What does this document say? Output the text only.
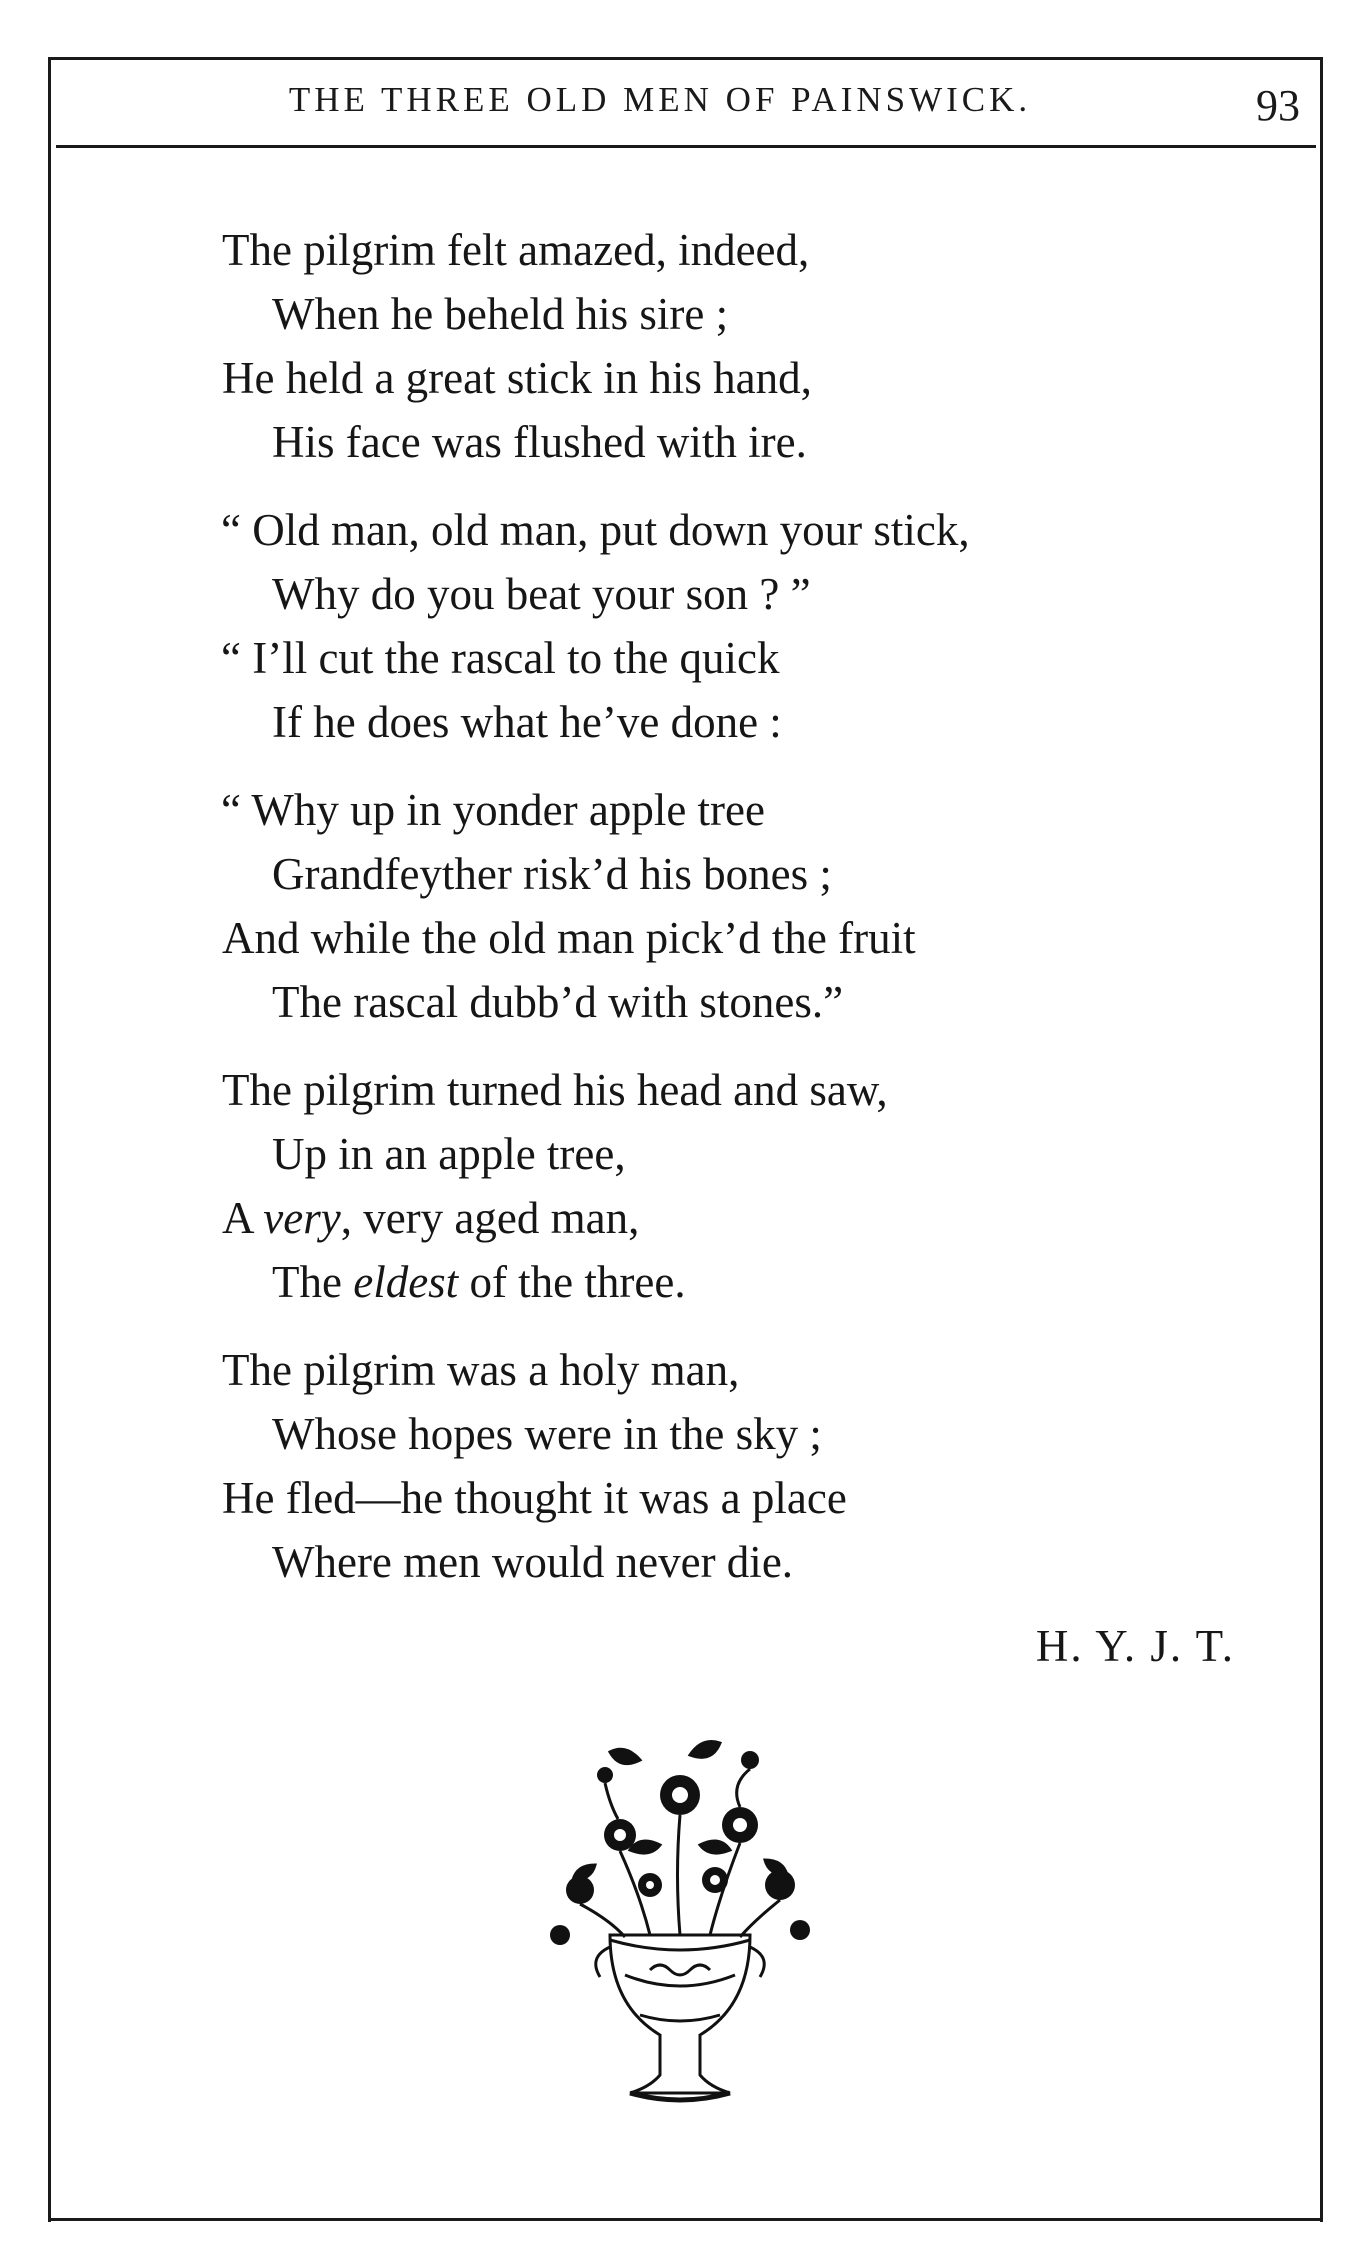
THE THREE OLD MEN OF PAINSWICK.	93
The pilgrim felt amazed, indeed,
When he beheld his sire ;
He held a great stick in his hand,
His face was flushed with ire.
“ Old man, old man, put down your stick,
Why do you beat your son ? ”
“ I’ll cut the rascal to the quick
If he does what he’ve done :
“ Why up in yonder apple tree
Grandfeyther risk’d his bones ;
And while the old man pick’d the fruit
The rascal dubb’d with stones.”
The pilgrim turned his head and saw,
Up in an apple tree,
A very, very aged man,
The eldest of the three.
The pilgrim was a holy man,
Whose hopes were in the sky ;
He fled—he thought it was a place
Where men would never die.
H. Y. J. T.
